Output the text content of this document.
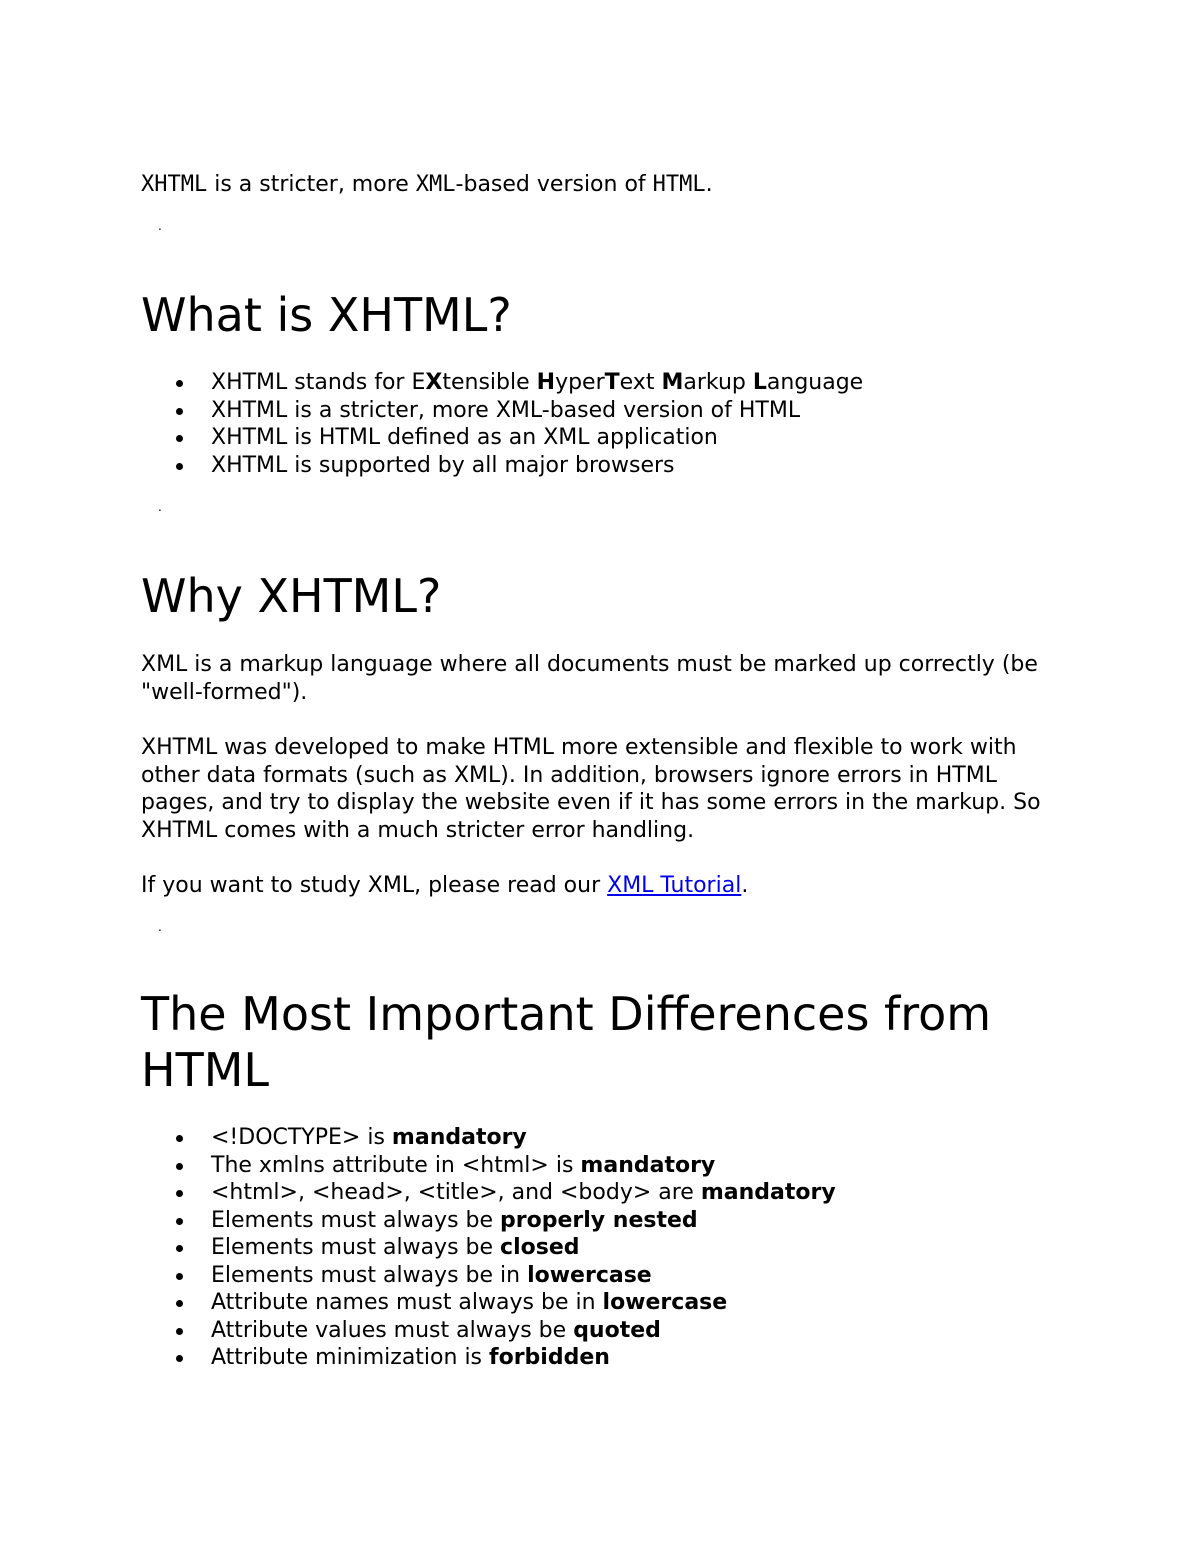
XHTML is a stricter, more XML-based version of HTML.
.
What is XHTML?
XHTML stands for EXtensible HyperText Markup Language
XHTML is a stricter, more XML-based version of HTML
XHTML is HTML defined as an XML application
XHTML is supported by all major browsers
.
Why XHTML?

XML is a markup language where all documents must be marked up correctly (be "well-formed").

XHTML was developed to make HTML more extensible and flexible to work with other data formats (such as XML). In addition, browsers ignore errors in HTML pages, and try to display the website even if it has some errors in the markup. So XHTML comes with a much stricter error handling.

If you want to study XML, please read our XML Tutorial.

.
The Most Important Differences from
HTML
<!DOCTYPE> is mandatory
The xmlns attribute in <html> is mandatory
<html>, <head>, <title>, and <body> are mandatory
Elements must always be properly nested
Elements must always be closed
Elements must always be in lowercase
Attribute names must always be in lowercase
Attribute values must always be quoted
Attribute minimization is forbidden
